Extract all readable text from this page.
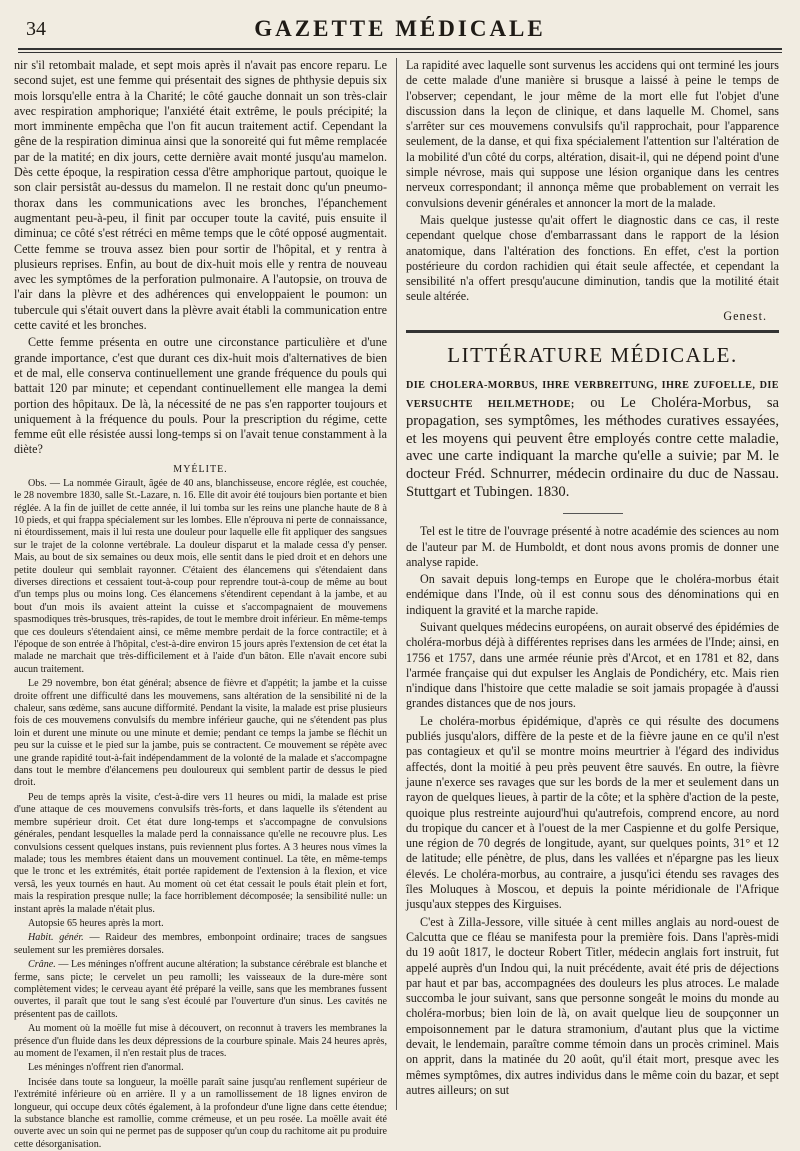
34	GAZETTE MÉDICALE

nir s'il retombait malade, et sept mois après il n'avait pas encore reparu. Le second sujet, est une femme qui présentait des signes de phthysie depuis six mois lorsqu'elle entra à la Charité; le côté gauche donnait un son très-clair avec respiration amphorique; l'anxiété était extrême, le pouls précipité; la mort imminente empêcha que l'on fit aucun traitement actif. Cependant la gêne de la respiration diminua ainsi que la sonoreité qui fut même remplacée par de la matité; en dix jours, cette dernière avait monté jusqu'au mamelon. Dès cette époque, la respiration cessa d'être amphorique partout, quoique le son clair persistât au-dessus du mamelon. Il ne restait donc qu'un pneumo-thorax dans les communications avec les bronches, l'épanchement augmentant peu-à-peu, il finit par occuper toute la cavité, puis ensuite il diminua; ce côté s'est rétréci en même temps que le côté opposé augmentait. Cette femme se trouva assez bien pour sortir de l'hôpital, et y rentra à plusieurs reprises. Enfin, au bout de dix-huit mois elle y rentra de nouveau avec les symptômes de la perforation pulmonaire. A l'autopsie, on trouva de l'air dans la plèvre et des adhérences qui enveloppaient le poumon: un tubercule qui s'était ouvert dans la plèvre avait établi la communication entre cette cavité et les bronches.

Cette femme présenta en outre une circonstance particulière et d'une grande importance, c'est que durant ces dix-huit mois d'alternatives de bien et de mal, elle conserva continuellement une grande fréquence du pouls qui battait 120 par minute; et cependant continuellement elle mangea la demi portion des hôpitaux. De là, la nécessité de ne pas s'en rapporter toujours et uniquement à la fréquence du pouls. Pour la prescription du régime, cette femme eût elle résistée aussi long-temps si on l'avait tenue constamment à la diète?

MYÉLITE.

Obs. — La nommée Girault, âgée de 40 ans, blanchisseuse, encore réglée, est couchée, le 28 novembre 1830, salle St.-Lazare, n. 16. Elle dit avoir été toujours bien portante et bien réglée. A la fin de juillet de cette année, il lui tomba sur les reins une planche haute de 8 à 10 pieds, et qui frappa spécialement sur les lombes. Elle n'éprouva ni perte de connaissance, ni étourdissement, mais il lui resta une douleur pour laquelle elle fit appliquer des sangsues sur le trajet de la colonne vertébrale. La douleur disparut et la malade cessa d'y penser. Mais, au bout de six semaines ou deux mois, elle sentit dans le pied droit et en dehors une petite douleur qui semblait rayonner. C'étaient des élancemens qui s'étendaient dans diverses directions et cessaient tout-à-coup pour reprendre tout-à-coup de même au bout d'un temps plus ou moins long. Ces élancemens s'étendirent cependant à la jambe, et au bout d'un mois ils avaient atteint la cuisse et s'accompagnaient de mouvemens spasmodiques très-brusques, très-rapides, de tout le membre droit inférieur. En même-temps que ces douleurs s'étendaient ainsi, ce même membre perdait de la force contractile; et à l'époque de son entrée à l'hôpital, c'est-à-dire environ 15 jours après l'extension de cet état la malade ne marchait que très-difficilement et à l'aide d'un bâton. Elle n'avait encore subi aucun traitement.

Le 29 novembre, bon état général; absence de fièvre et d'appétit; la jambe et la cuisse droite offrent une difficulté dans les mouvemens, sans altération de la sensibilité ni de la chaleur, sans œdème, sans aucune difformité. Pendant la visite, la malade est prise plusieurs fois de ces mouvemens convulsifs du membre inférieur gauche, qui ne s'étendent pas plus loin et durent une minute ou une minute et demie; pendant ce temps la jambe se fléchit un peu sur la cuisse et le pied sur la jambe, puis se contractent. Ce mouvement se répète avec une grande rapidité tout-à-fait indépendamment de la volonté de la malade et s'accompagne dans tout le membre d'élancemens peu douloureux qui semblent partir de dessus le pied droit.

Peu de temps après la visite, c'est-à-dire vers 11 heures ou midi, la malade est prise d'une attaque de ces mouvemens convulsifs très-forts, et dans laquelle ils s'étendent au membre supérieur droit. Cet état dure long-temps et s'accompagne de convulsions générales, pendant lesquelles la malade perd la connaissance qu'elle ne recouvre plus. Les convulsions cessent quelques instans, puis reviennent plus fortes. A 3 heures nous vîmes la malade; tous les membres étaient dans un mouvement continuel. La tête, en même-temps que le tronc et les extrémités, était portée rapidement de l'extension à la flexion, et vice versâ, les yeux tournés en haut. Au moment où cet état cessait le pouls était plein et fort, mais la respiration presque nulle; la face horriblement décomposée; la sensibilité nulle: un instant après la malade n'était plus.

Autopsie 65 heures après la mort.

Habit. génér. — Raideur des membres, embonpoint ordinaire; traces de sangsues seulement sur les premières dorsales.

Crâne. — Les méninges n'offrent aucune altération; la substance cérébrale est blanche et ferme, sans picte; le cervelet un peu ramolli; les vaisseaux de la dure-mère sont complètement vides; le cerveau ayant été préparé la veille, sans que les membranes fussent ouvertes, il paraît que tout le sang s'est écoulé par l'ouverture d'un sinus. Les cavités ne présentent pas de caillots.

Au moment où la moëlle fut mise à découvert, on reconnut à travers les membranes la présence d'un fluide dans les deux dépressions de la courbure spinale. Mais 24 heures après, au moment de l'examen, il n'en restait plus de traces.

Les méninges n'offrent rien d'anormal.

Incisée dans toute sa longueur, la moëlle paraît saine jusqu'au renflement supérieur de l'extrémité inférieure où en arrière. Il y a un ramollissement de 18 lignes environ de longueur, qui occupe deux côtés également, à la profondeur d'une ligne dans cette étendue; la substance blanche est ramollie, comme crémeuse, et un peu rosée. La moëlle avait été ouverte avec un soin qui ne permet pas de supposer qu'un coup du rachitome ait pu produire cette désorganisation.

La rapidité avec laquelle sont survenus les accidens qui ont terminé les jours de cette malade d'une manière si brusque a laissé à peine le temps de l'observer; cependant, le jour même de la mort elle fut l'objet d'une discussion dans la leçon de clinique, et dans laquelle M. Chomel, sans s'arrêter sur ces mouvemens convulsifs qu'il rapprochait, pour l'apparence seulement, de la danse, et qui fixa spécialement l'attention sur l'altération de la mobilité d'un côté du corps, altération, disait-il, qui ne dépend point d'une simple névrose, mais qui suppose une lésion organique dans les centres nerveux correspondant; il annonça même que probablement on verrait les convulsions devenir générales et annoncer la mort de la malade.

Mais quelque justesse qu'ait offert le diagnostic dans ce cas, il reste cependant quelque chose d'embarrassant dans le rapport de la lésion anatomique, dans l'altération des fonctions. En effet, c'est la portion postérieure du cordon rachidien qui était seule affectée, et cependant la sensibilité n'a offert presqu'aucune diminution, tandis que la motilité était seule altérée.

Genest.

LITTÉRATURE MÉDICALE.

DIE CHOLERA-MORBUS, IHRE VERBREITUNG, IHRE ZUFOELLE, DIE VERSUCHTE HEILMETHODE; ou Le Choléra-Morbus, sa propagation, ses symptômes, les méthodes curatives essayées, et les moyens qui peuvent être employés contre cette maladie, avec une carte indiquant la marche qu'elle a suivie; par M. le docteur Fréd. Schnurrer, médecin ordinaire du duc de Nassau. Stuttgart et Tubingen. 1830.

Tel est le titre de l'ouvrage présenté à notre académie des sciences au nom de l'auteur par M. de Humboldt, et dont nous avons promis de donner une analyse rapide.

On savait depuis long-temps en Europe que le choléra-morbus était endémique dans l'Inde, où il est connu sous des dénominations qui en indiquent la gravité et la marche rapide.

Suivant quelques médecins européens, on aurait observé des épidémies de choléra-morbus déjà à différentes reprises dans les armées de l'Inde; ainsi, en 1756 et 1757, dans une armée réunie près d'Arcot, et en 1781 et 82, dans l'armée française qui dut expulser les Anglais de Pondichéry, etc. Mais rien n'indique dans l'histoire que cette maladie se soit jamais propagée à d'aussi grandes distances que de nos jours.

Le choléra-morbus épidémique, d'après ce qui résulte des documens publiés jusqu'alors, diffère de la peste et de la fièvre jaune en ce qu'il n'est pas contagieux et qu'il se montre moins meurtrier à l'égard des individus affectés, dont la moitié à peu près peuvent être sauvés. En outre, la fièvre jaune n'exerce ses ravages que sur les bords de la mer et seulement dans un rayon de quelques lieues, à partir de la côte; et la sphère d'action de la peste, quoique plus restreinte aujourd'hui qu'autrefois, comprend encore, au nord du tropique du cancer et à l'ouest de la mer Caspienne et du golfe Persique, une région de 70 degrés de longitude, ayant, sur quelques points, 31° et 12 de latitude; elle pénètre, de plus, dans les vallées et n'épargne pas les lieux élevés. Le choléra-morbus, au contraire, a jusqu'ici étendu ses ravages des îles Moluques à Moscou, et depuis la pointe méridionale de l'Afrique jusqu'aux steppes des Kirguises.

C'est à Zilla-Jessore, ville située à cent milles anglais au nord-ouest de Calcutta que ce fléau se manifesta pour la première fois. Dans l'après-midi du 19 août 1817, le docteur Robert Titler, médecin anglais fort instruit, fut appelé auprès d'un Indou qui, la nuit précédente, avait été pris de déjections par haut et par bas, accompagnées des douleurs les plus atroces. Le malade succomba le jour suivant, sans que personne songeât le moins du monde au choléra-morbus; bien loin de là, on avait quelque lieu de soupçonner un empoisonnement par le datura stramonium, d'autant plus que la victime devait, le lendemain, paraître comme témoin dans un procès criminel. Mais on apprit, dans la matinée du 20 août, qu'il était mort, presque avec les mêmes symptômes, dix autres individus dans le même coin du bazar, et sept autres ailleurs; on sut
